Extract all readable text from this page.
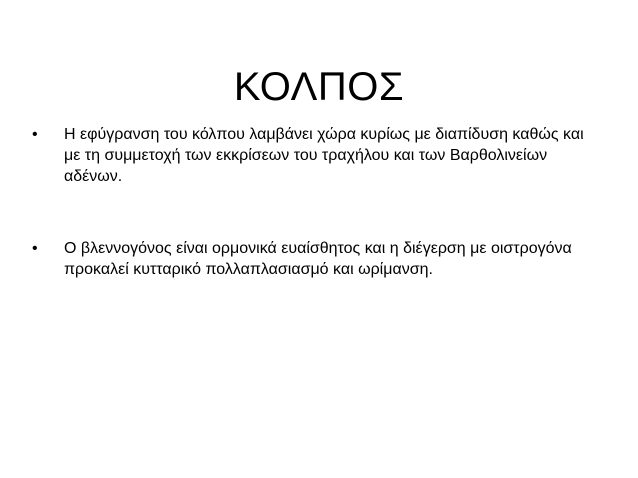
ΚΟΛΠΟΣ
• Η εφύγρανση του κόλπου λαμβάνει χώρα κυρίως με διαπίδυση καθώς και με τη συμμετοχή των εκκρίσεων του τραχήλου και των Βαρθολινείων αδένων.
• Ο βλεννογόνος είναι ορμονικά ευαίσθητος και η διέγερση με οιστρογόνα προκαλεί κυτταρικό πολλαπλασιασμό και ωρίμανση.
